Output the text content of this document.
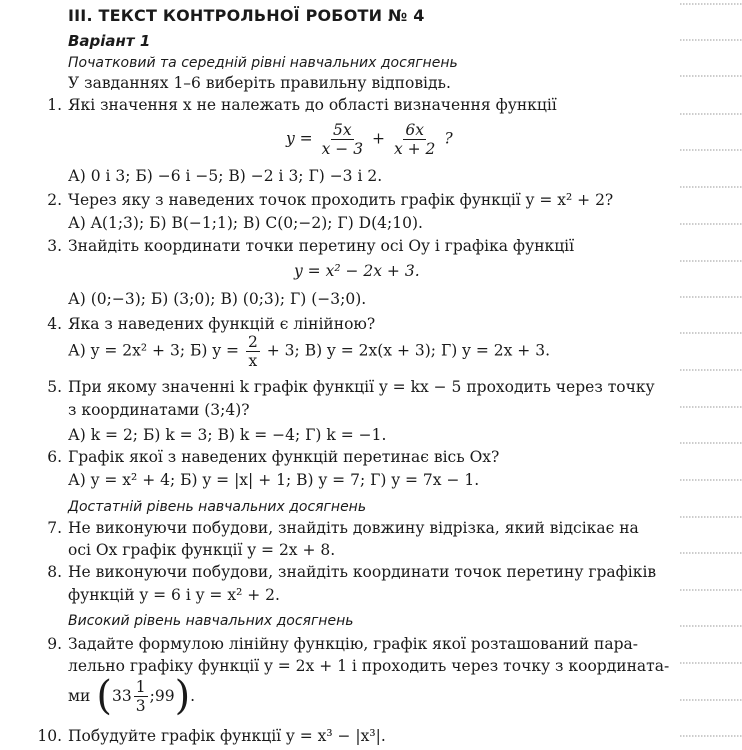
III. ТЕКСТ КОНТРОЛЬНОЇ РОБОТИ № 4
Варіант 1
Початковий та середній рівні навчальних досягнень
У завданнях 1–6 виберіть правильну відповідь.
1. Які значення x не належать до області визначення функції
$y = \frac{5x}{x - 3} + \frac{6x}{x + 2}$ ?
А) 0 і 3; Б) −6 і −5; В) −2 і 3; Г) −3 і 2.
2. Через яку з наведених точок проходить графік функції y = x² + 2?
А) A(1;3); Б) B(−1;1); В) C(0;−2); Г) D(4;10).
3. Знайдіть координати точки перетину осі Oy і графіка функції
y = x² − 2x + 3.
А) (0;−3); Б) (3;0); В) (0;3); Г) (−3;0).
4. Яка з наведених функцій є лінійною?
А) y = 2x² + 3; Б) $y = \frac{2}{x} + 3$; В) y = 2x(x + 3); Г) y = 2x + 3.
5. При якому значенні k графік функції y = kx − 5 проходить через точку
з координатами (3;4)?
А) k = 2; Б) k = 3; В) k = −4; Г) k = −1.
6. Графік якої з наведених функцій перетинає вісь Ox?
А) y = x² + 4; Б) y = |x| + 1; В) y = 7; Г) y = 7x − 1.
Достатній рівень навчальних досягнень
7. Не виконуючи побудови, знайдіть довжину відрізка, який відсікає на
осі Ox графік функції y = 2x + 8.
8. Не виконуючи побудови, знайдіть координати точок перетину графіків
функцій y = 6 і y = x² + 2.
Високий рівень навчальних досягнень
9. Задайте формулою лінійну функцію, графік якої розташований пара-
лельно графіку функції y = 2x + 1 і проходить через точку з координата-
ми ( $33 \frac{1}{3}$ ;99 ) .
10. Побудуйте графік функції y = x³ − |x³|.
